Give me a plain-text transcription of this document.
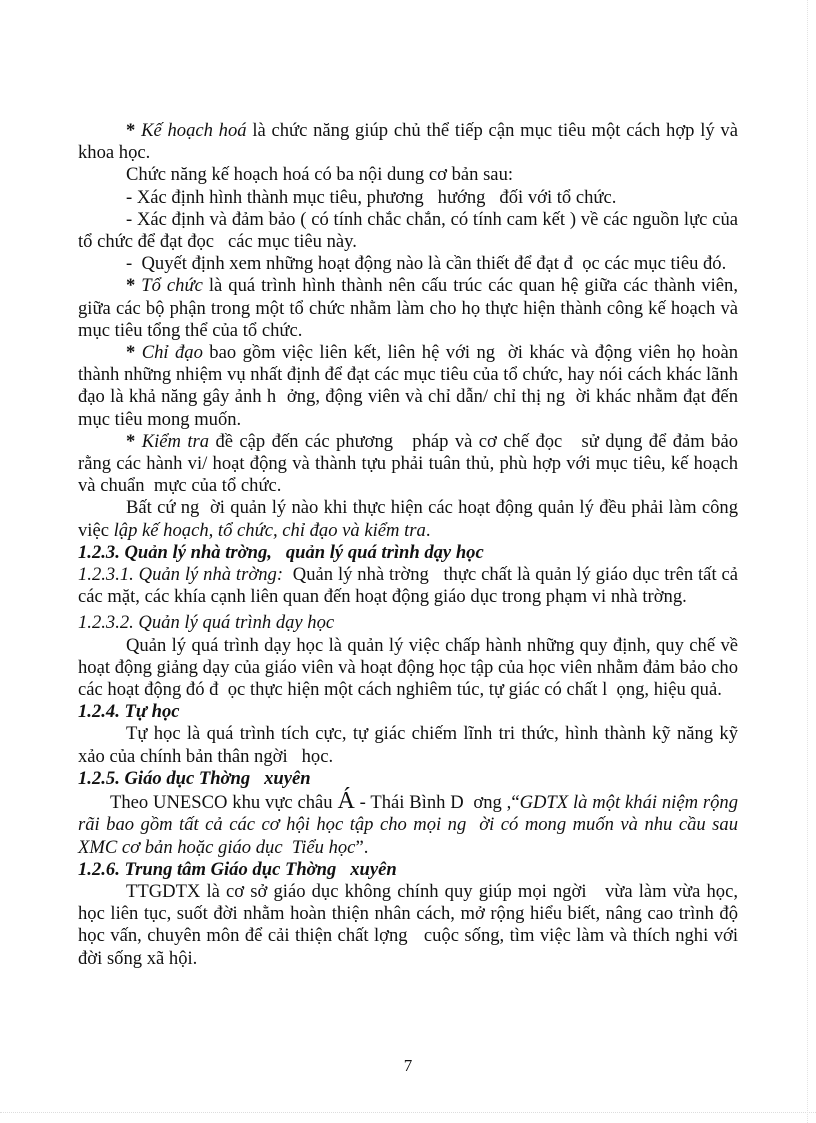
* Kế hoạch hoá là chức năng giúp chủ thể tiếp cận mục tiêu một cách hợp lý và khoa học.

Chức năng kế hoạch hoá có ba nội dung cơ bản sau:

- Xác định hình thành mục tiêu, phương   hướng   đối với tổ chức.

- Xác định và đảm bảo ( có tính chắc chắn, có tính cam kết ) về các nguồn lực của tổ chức để đạt đọc   các mục tiêu này.

-  Quyết định xem những hoạt động nào là cần thiết để đạt đ  ọc các mục tiêu đó.

* Tổ chức là quá trình hình thành nên cấu trúc các quan hệ giữa các thành viên, giữa các bộ phận trong một tổ chức nhằm làm cho họ thực hiện thành công kế hoạch và mục tiêu tổng thể của tổ chức.

* Chỉ đạo bao gồm việc liên kết, liên hệ với ng  ời khác và động viên họ hoàn thành những nhiệm vụ nhất định để đạt các mục tiêu của tổ chức, hay nói cách khác lãnh đạo là khả năng gây ảnh h  ởng, động viên và chỉ dẫn/ chỉ thị ng  ời khác nhằm đạt đến mục tiêu mong muốn.

* Kiểm tra đề cập đến các phương   pháp và cơ chế đọc   sử dụng để đảm bảo rằng các hành vi/ hoạt động và thành tựu phải tuân thủ, phù hợp với mục tiêu, kế hoạch và chuẩn  mực của tổ chức.

Bất cứ ng  ời quản lý nào khi thực hiện các hoạt động quản lý đều phải làm công việc lập kế hoạch, tổ chức, chỉ đạo và kiểm tra.

1.2.3. Quản lý nhà trờng,   quản lý quá trình dạy học

1.2.3.1. Quản lý nhà trờng:  Quản lý nhà trờng   thực chất là quản lý giáo dục trên tất cả các mặt, các khía cạnh liên quan đến hoạt động giáo dục trong phạm vi nhà trờng.

1.2.3.2. Quản lý quá trình dạy học

Quản lý quá trình dạy học là quản lý việc chấp hành những quy định, quy chế về hoạt động giảng dạy của giáo viên và hoạt động học tập của học viên nhằm đảm bảo cho các hoạt động đó đ  ọc thực hiện một cách nghiêm túc, tự giác có chất l  ọng, hiệu quả.

1.2.4. Tự học

Tự học là quá trình tích cực, tự giác chiếm lĩnh tri thức, hình thành kỹ năng kỹ xảo của chính bản thân ngời   học.

1.2.5. Giáo dục Thờng   xuyên

Theo UNESCO khu vực châu Á - Thái Bình D  ơng ,“GDTX là một khái niệm rộng rãi bao gồm tất cả các cơ hội học tập cho mọi ng  ời có mong muốn và nhu cầu sau  XMC cơ bản hoặc giáo dục  Tiểu học”.

1.2.6. Trung tâm Giáo dục Thờng   xuyên

TTGDTX là cơ sở giáo dục không chính quy giúp mọi ngời   vừa làm vừa học, học liên tục, suốt đời nhằm hoàn thiện nhân cách, mở rộng hiểu biết, nâng cao trình độ học vấn, chuyên môn để cải thiện chất lợng   cuộc sống, tìm việc làm và thích nghi với đời sống xã hội.

7
